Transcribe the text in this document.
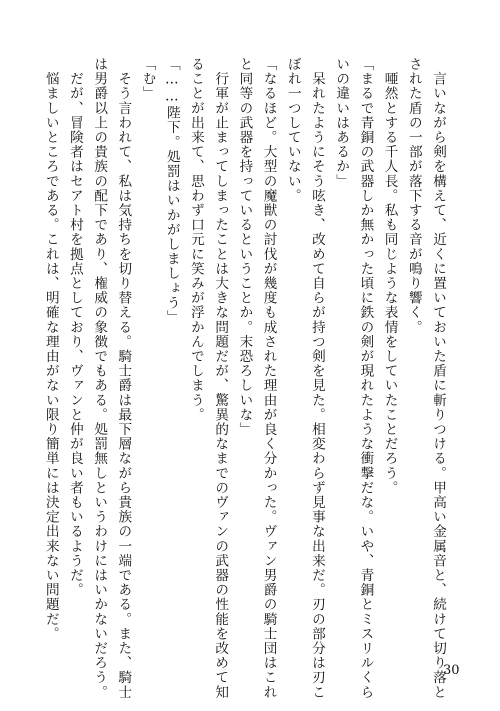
　言いながら剣を構えて、近くに置いておいた盾に斬りつける。甲高い金属音と、続けて切り落と
された盾の一部が落下する音が鳴り響く。
　唖然とする千人長。私も同じような表情をしていたことだろう。
「まるで青銅の武器しか無かった頃に鉄の剣が現れたような衝撃だな。いや、青銅とミスリルくら
いの違いはあるか」
　呆れたようにそう呟き、改めて自らが持つ剣を見た。相変わらず見事な出来だ。刃の部分は刃こ
ぼれ一つしていない。
「なるほど。大型の魔獣の討伐が幾度も成された理由が良く分かった。ヴァン男爵の騎士団はこれ
と同等の武器を持っているということか。末恐ろしいな」
　行軍が止まってしまったことは大きな問題だが、驚異的なまでのヴァンの武器の性能を改めて知
ることが出来て、思わず口元に笑みが浮かんでしまう。
「……陛下。処罰はいかがしましょう」
「む」
　そう言われて、私は気持ちを切り替える。騎士爵は最下層ながら貴族の一端である。また、騎士
は男爵以上の貴族の配下であり、権威の象徴でもある。処罰無しというわけにはいかないだろう。
　だが、冒険者はセアト村を拠点としており、ヴァンと仲が良い者もいるようだ。
　悩ましいところである。これは、明確な理由がない限り簡単には決定出来ない問題だ。
30
